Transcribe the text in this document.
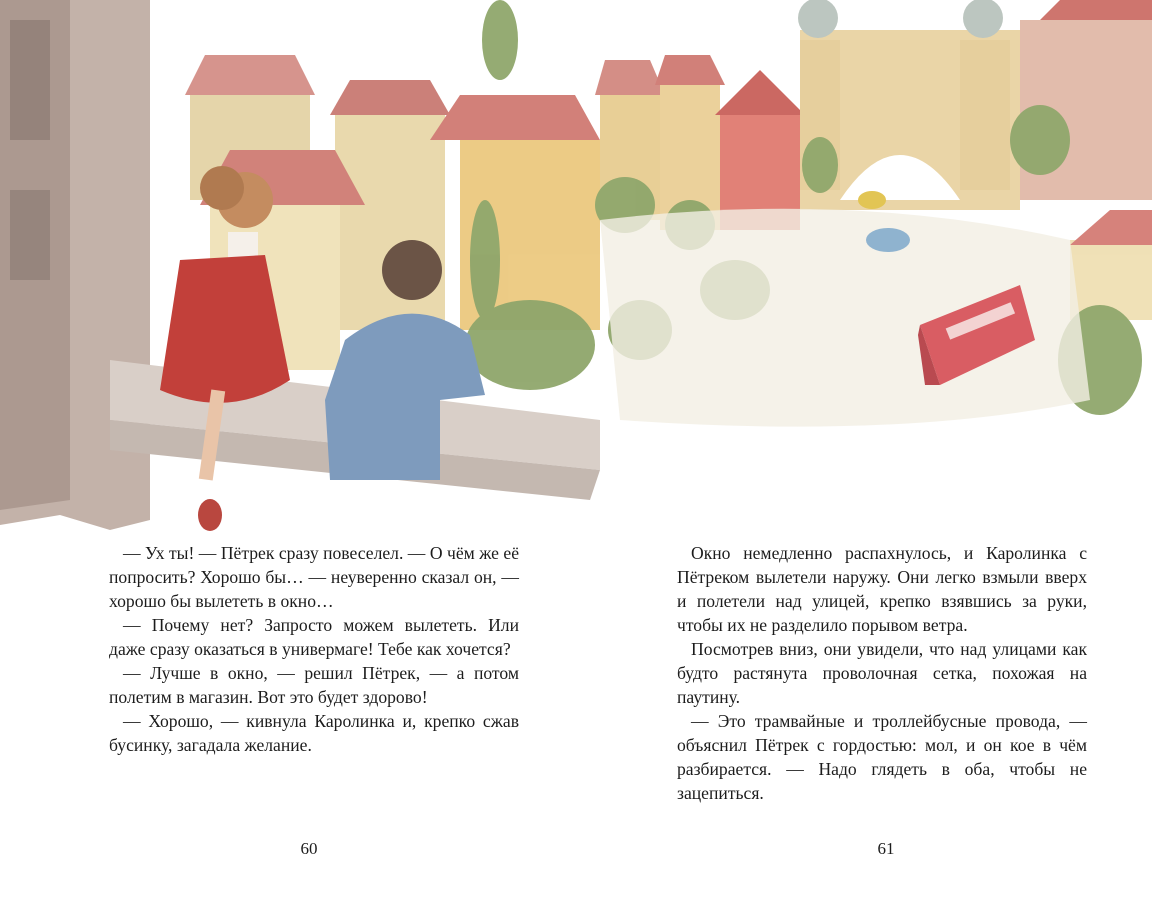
— Ух ты! — Пётрек сразу повеселел. — О чём же её попросить? Хорошо бы… — неуверенно сказал он, — хорошо бы вылететь в окно…

— Почему нет? Запросто можем вылететь. Или даже сразу оказаться в универмаге! Тебе как хочется?

— Лучше в окно, — решил Пётрек, — а потом полетим в магазин. Вот это будет здорово!

— Хорошо, — кивнула Каролинка и, крепко сжав бусинку, загадала желание.

Окно немедленно распахнулось, и Каролинка с Пётреком вылетели наружу. Они легко взмыли вверх и полетели над улицей, крепко взявшись за руки, чтобы их не разделило порывом ветра.

Посмотрев вниз, они увидели, что над улицами как будто растянута проволочная сетка, похожая на паутину.

— Это трамвайные и троллейбусные провода, — объяснил Пётрек с гордостью: мол, и он кое в чём разбирается. — Надо глядеть в оба, чтобы не зацепиться.

60	61
